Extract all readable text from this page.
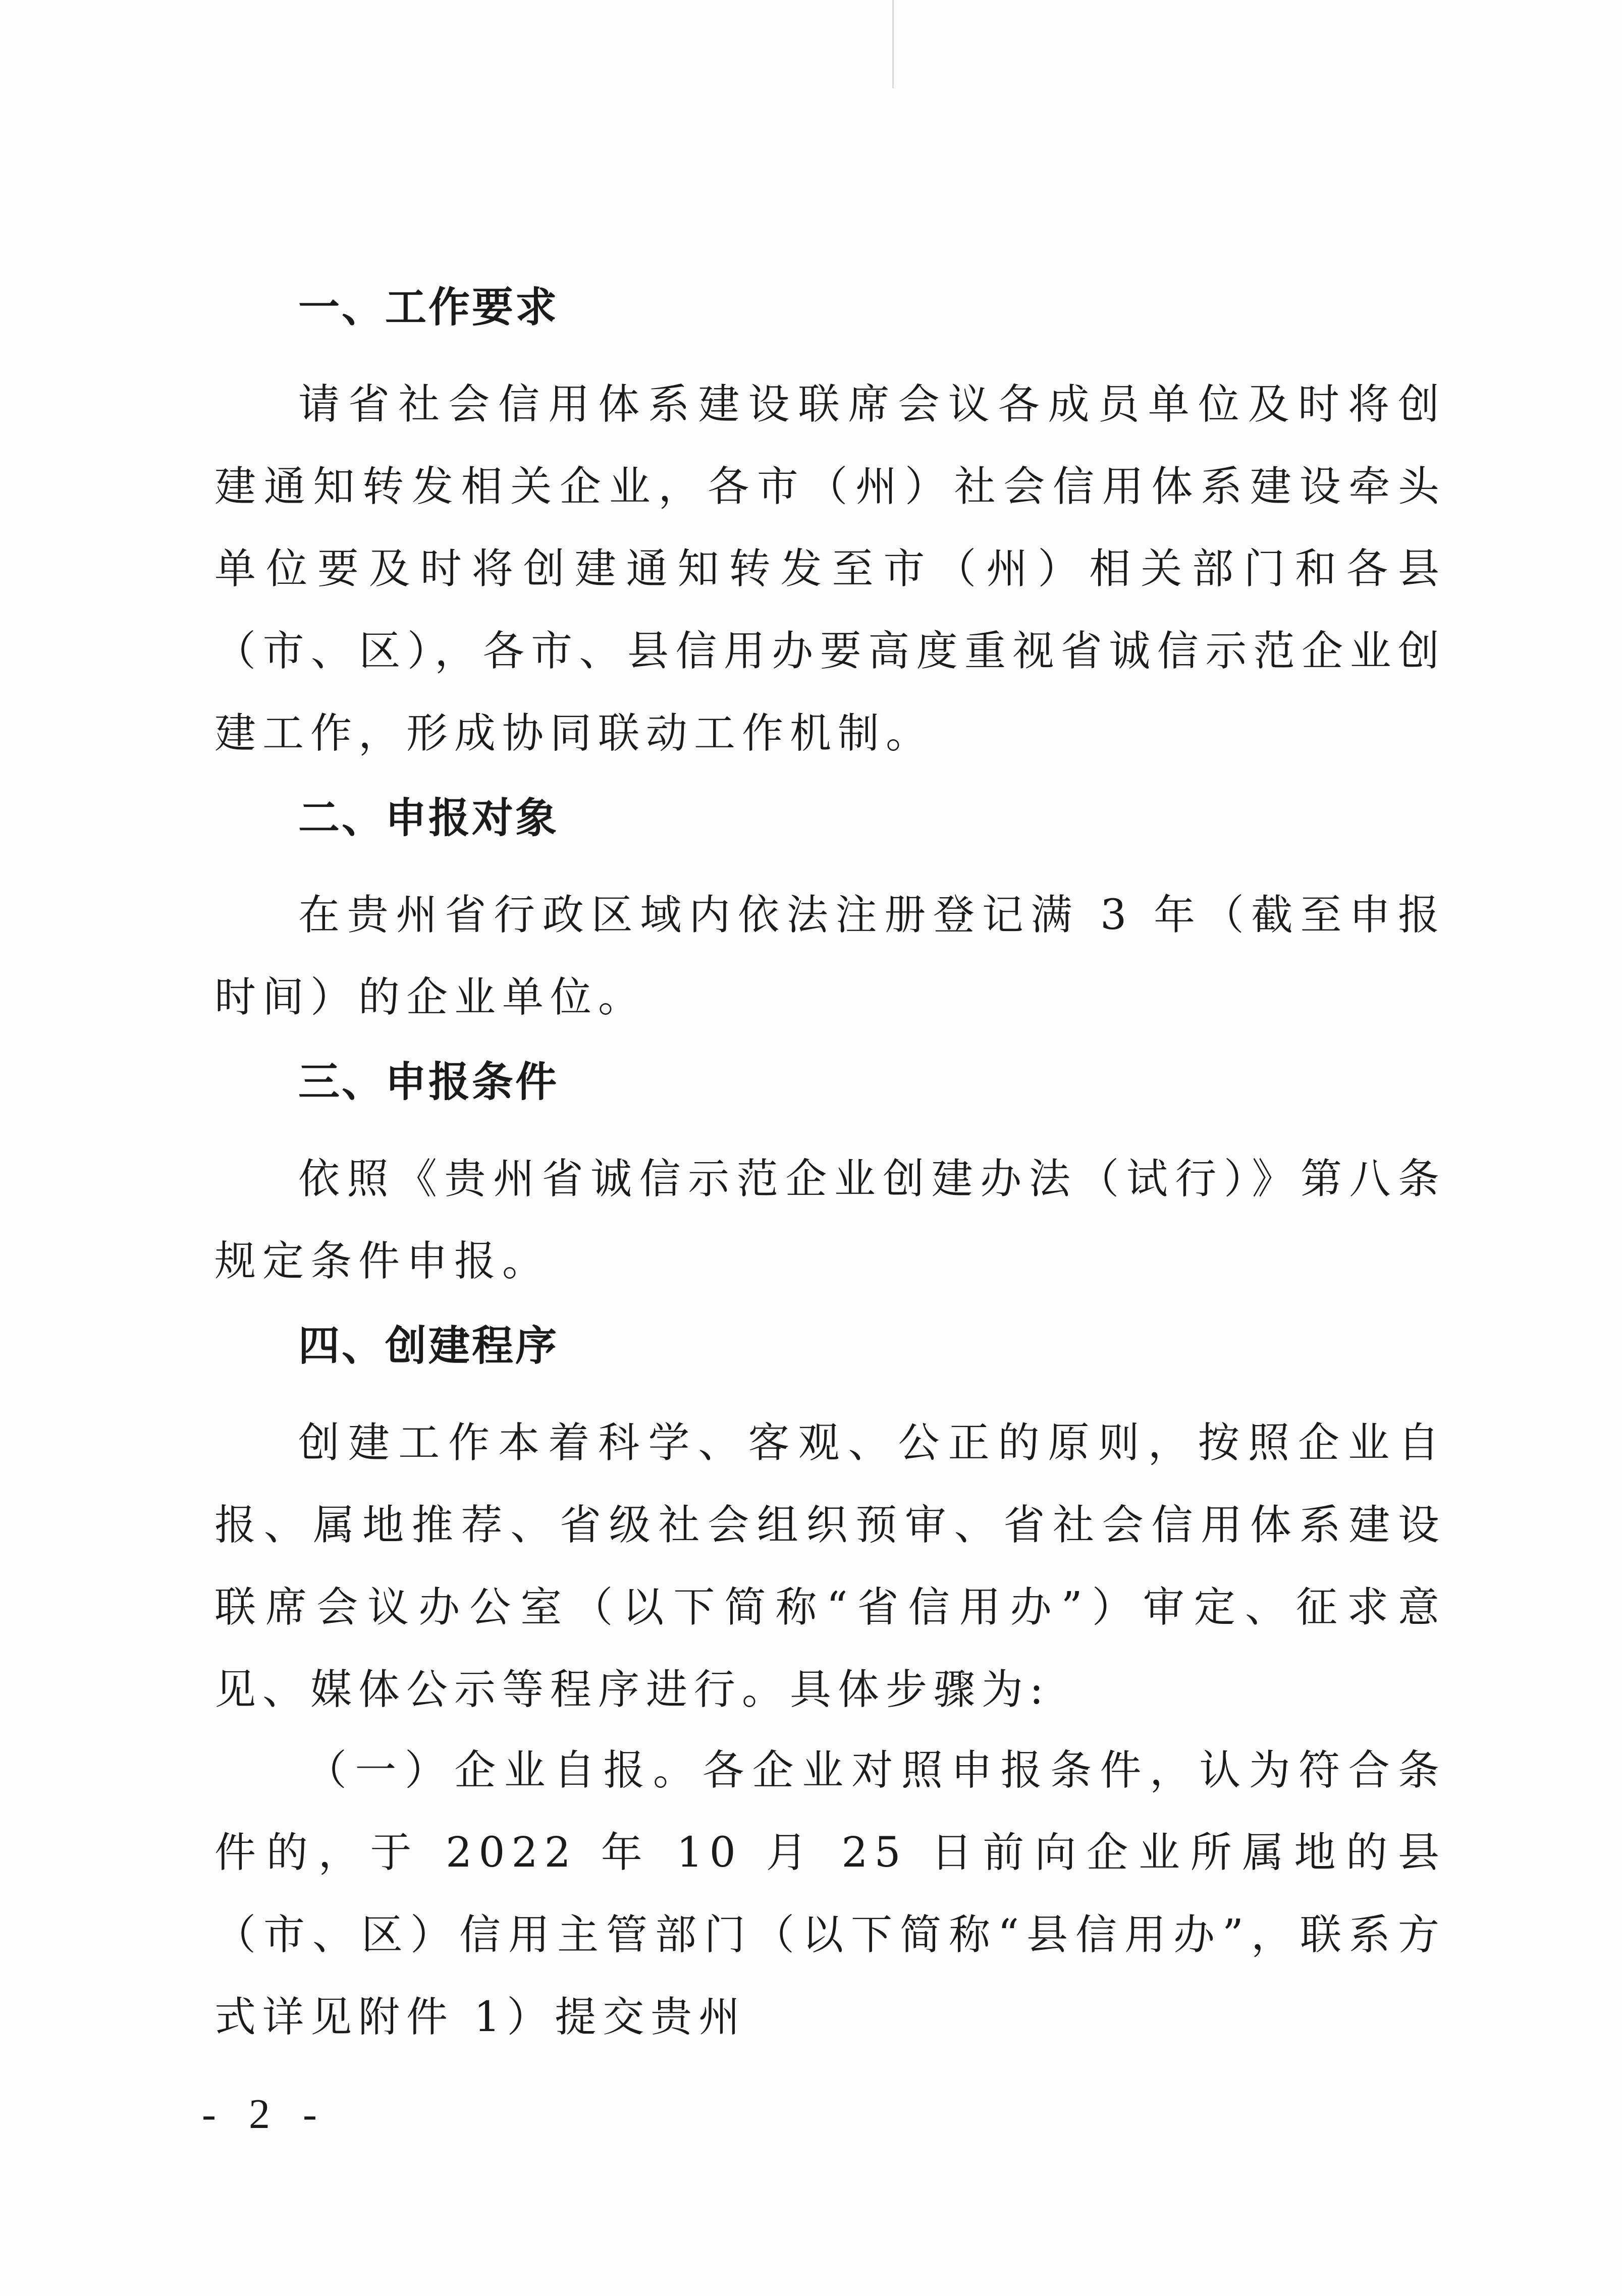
一、工作要求

请省社会信用体系建设联席会议各成员单位及时将创建通知转发相关企业，各市（州）社会信用体系建设牵头单位要及时将创建通知转发至市（州）相关部门和各县（市、区），各市、县信用办要高度重视省诚信示范企业创建工作，形成协同联动工作机制。

二、申报对象

在贵州省行政区域内依法注册登记满 3 年（截至申报时间）的企业单位。

三、申报条件

依照《贵州省诚信示范企业创建办法（试行）》第八条规定条件申报。

四、创建程序

创建工作本着科学、客观、公正的原则，按照企业自报、属地推荐、省级社会组织预审、省社会信用体系建设联席会议办公室（以下简称“省信用办”）审定、征求意见、媒体公示等程序进行。具体步骤为:

（一）企业自报。各企业对照申报条件，认为符合条件的，于 2022 年 10 月 25 日前向企业所属地的县（市、区）信用主管部门（以下简称“县信用办”，联系方式详见附件 1）提交贵州

- 2 -
